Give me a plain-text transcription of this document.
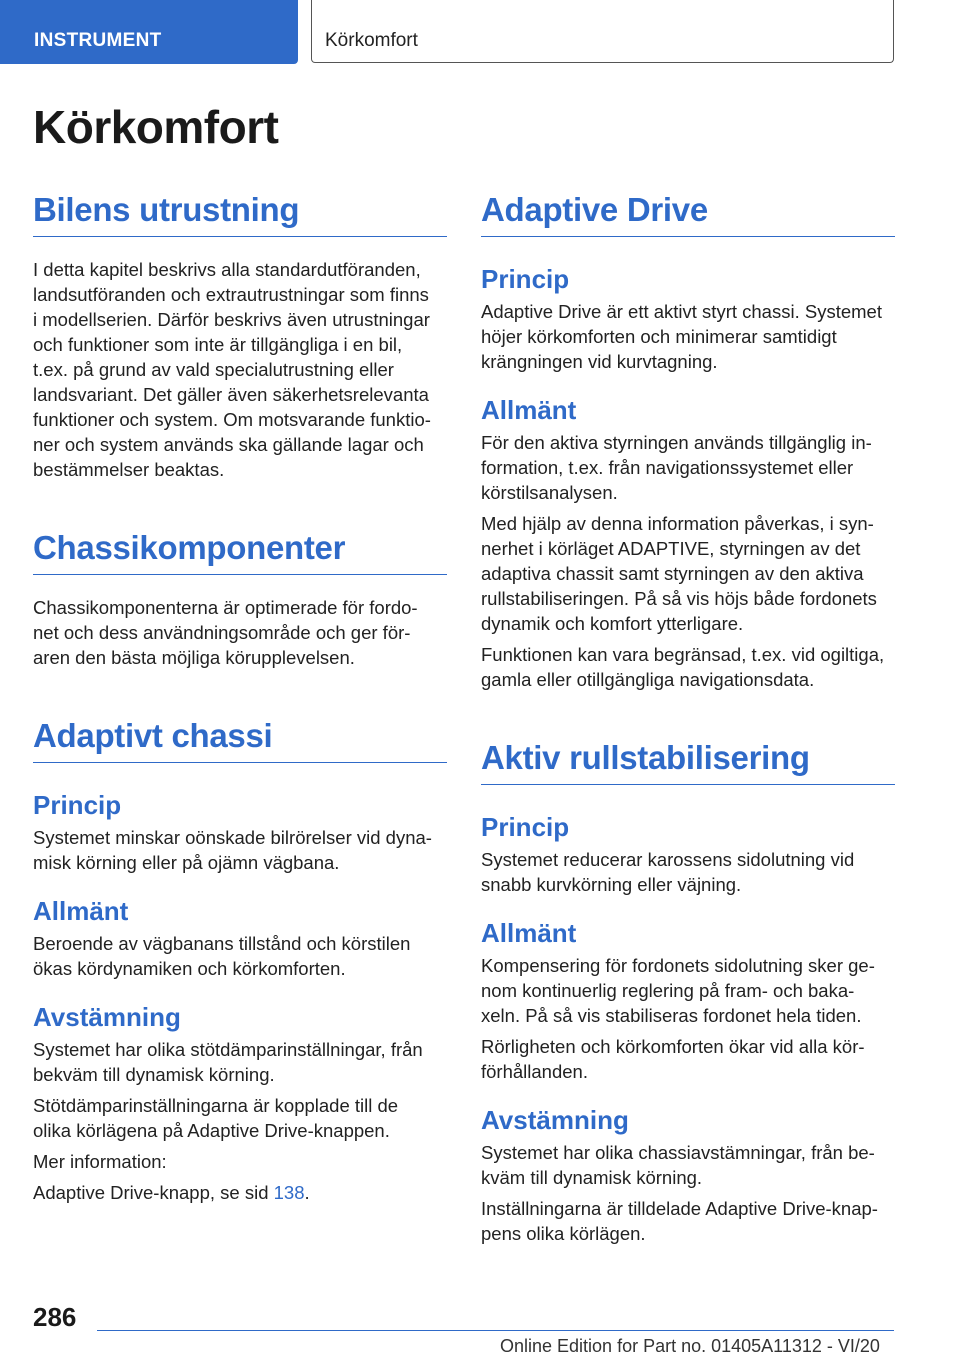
INSTRUMENT	Körkomfort
Körkomfort
Bilens utrustning

I detta kapitel beskrivs alla standardutföranden,
landsutföranden och extrautrustningar som finns
i modellserien. Därför beskrivs även utrustningar
och funktioner som inte är tillgängliga i en bil,
t.ex. på grund av vald specialutrustning eller
landsvariant. Det gäller även säkerhetsrelevanta
funktioner och system. Om motsvarande funktio‐
ner och system används ska gällande lagar och
bestämmelser beaktas.

Chassikomponenter

Chassikomponenterna är optimerade för fordo‐
net och dess användningsområde och ger för‐
aren den bästa möjliga körupplevelsen.

Adaptivt chassi
Princip

Systemet minskar oönskade bilrörelser vid dyna‐
misk körning eller på ojämn vägbana.

Allmänt

Beroende av vägbanans tillstånd och körstilen
ökas kördynamiken och körkomforten.

Avstämning

Systemet har olika stötdämparinställningar, från
bekväm till dynamisk körning.

Stötdämparinställningarna är kopplade till de
olika körlägena på Adaptive Drive-knappen.

Mer information:

Adaptive Drive-knapp, se sid 138.

Adaptive Drive
Princip

Adaptive Drive är ett aktivt styrt chassi. Systemet
höjer körkomforten och minimerar samtidigt
krängningen vid kurvtagning.

Allmänt

För den aktiva styrningen används tillgänglig in‐
formation, t.ex. från navigationssystemet eller
körstilsanalysen.

Med hjälp av denna information påverkas, i syn‐
nerhet i körläget ADAPTIVE, styrningen av det
adaptiva chassit samt styrningen av den aktiva
rullstabiliseringen. På så vis höjs både fordonets
dynamik och komfort ytterligare.

Funktionen kan vara begränsad, t.ex. vid ogiltiga,
gamla eller otillgängliga navigationsdata.

Aktiv rullstabilisering
Princip

Systemet reducerar karossens sidolutning vid
snabb kurvkörning eller väjning.

Allmänt

Kompensering för fordonets sidolutning sker ge‐
nom kontinuerlig reglering på fram- och baka‐
xeln. På så vis stabiliseras fordonet hela tiden.

Rörligheten och körkomforten ökar vid alla kör‐
förhållanden.

Avstämning

Systemet har olika chassiavstämningar, från be‐
kväm till dynamisk körning.

Inställningarna är tilldelade Adaptive Drive-knap‐
pens olika körlägen.

286
Online Edition for Part no. 01405A11312 - VI/20
